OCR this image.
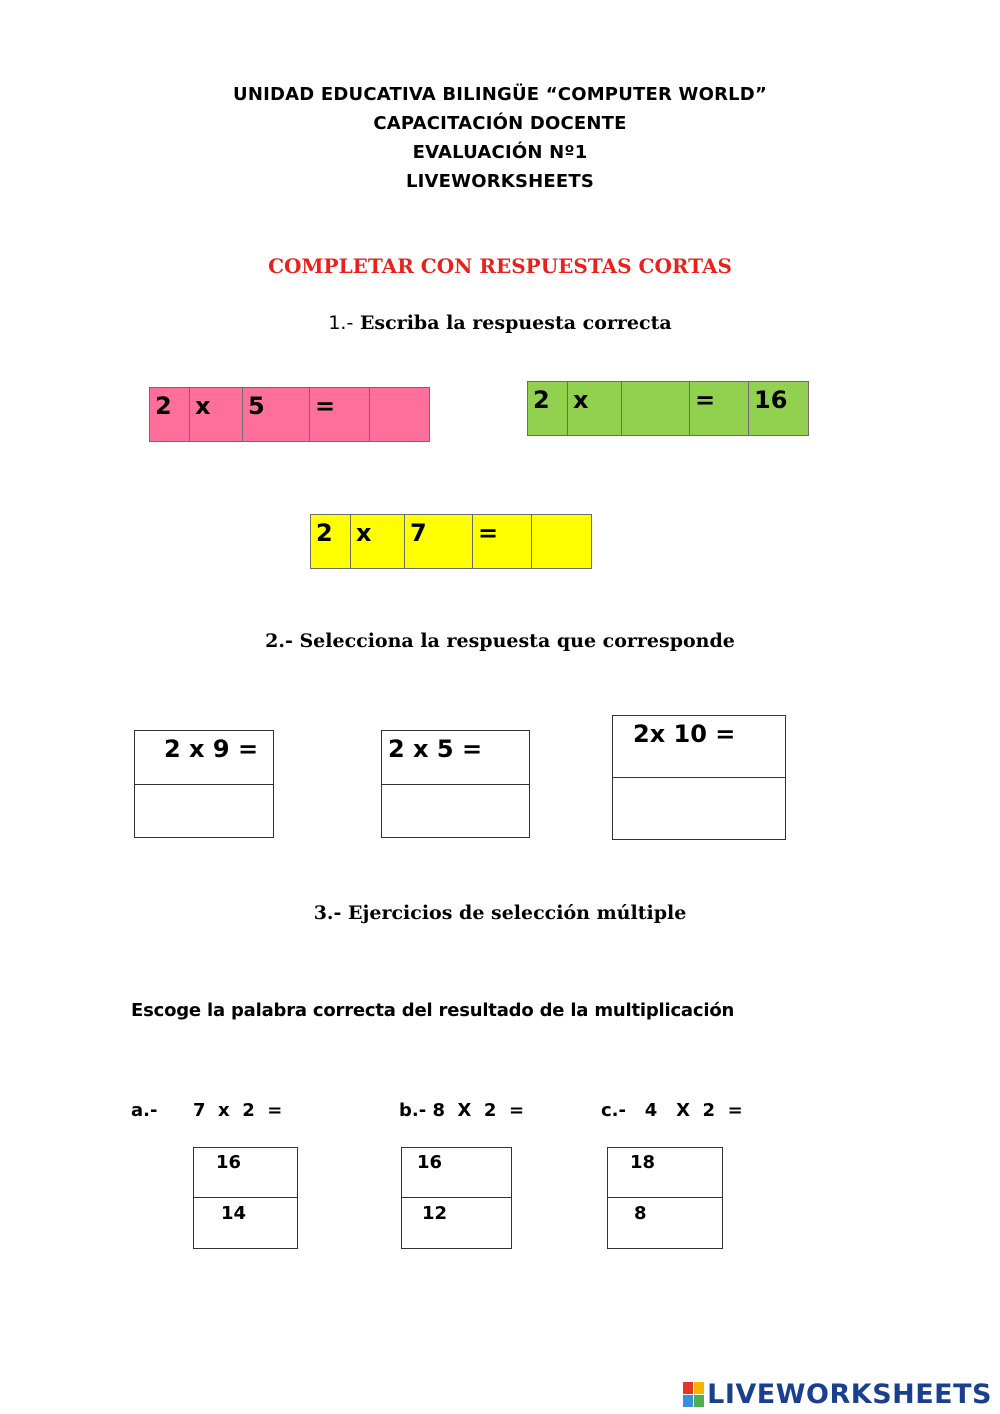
UNIDAD EDUCATIVA BILINGÜE “COMPUTER WORLD”
CAPACITACIÓN DOCENTE
EVALUACIÓN Nº1
LIVEWORKSHEETS
COMPLETAR CON RESPUESTAS CORTAS
1.- Escriba la respuesta correcta
2	x	5	=		2	x		=	16
2	x	7	=	
2.- Selecciona la respuesta que corresponde
2 x 9 =	2 x 5 =
2x 10 =
3.- Ejercicios de selección múltiple
Escoge la palabra correcta del resultado de la multiplicación
a.- 7  x  2  =	b.- 8  X  2  =	c.-   4   X  2  =
16
14
16
12
18
8
LIVEWORKSHEETS
